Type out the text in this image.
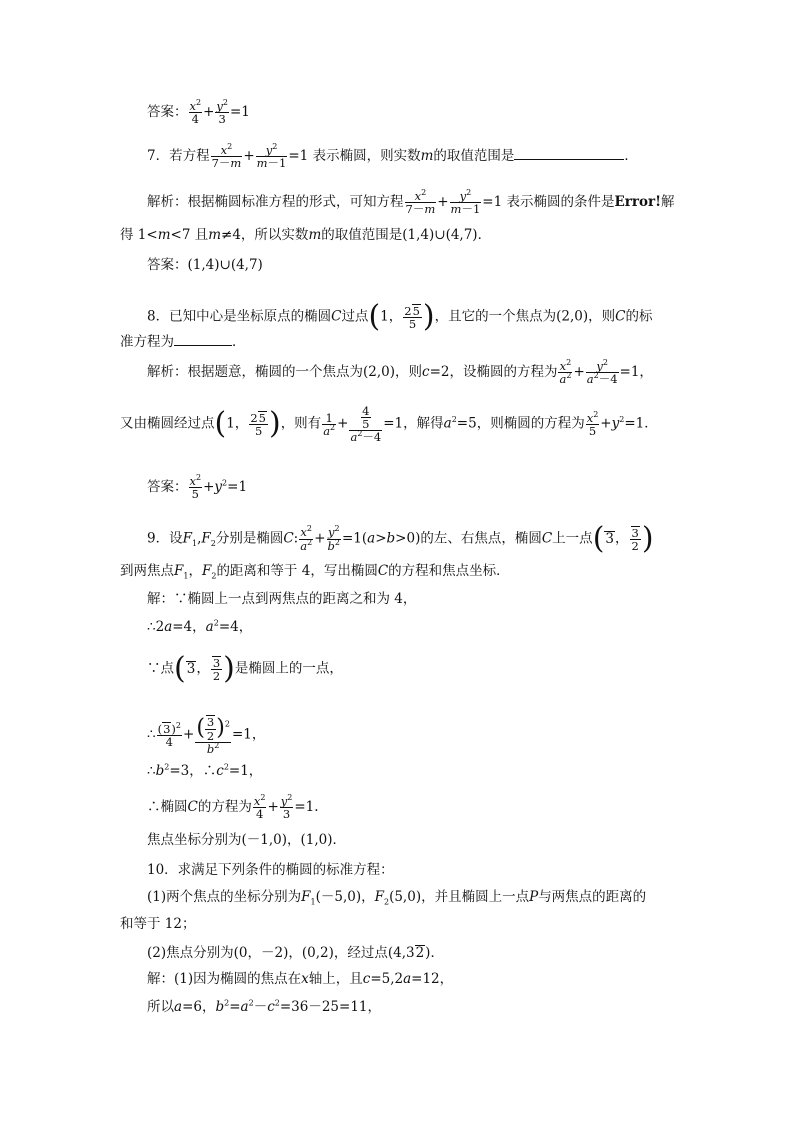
答案： $\frac{x^2}{4} + \frac{y^2}{3} =1$
7．若方程 $\frac{x^2}{7-m} + \frac{y^2}{m-1} =1$ 表示椭圆，则实数m的取值范围是	．
解析：根据椭圆标准方程的形式，可知方程 $\frac{x^2}{7-m} + \frac{y^2}{m-1} =1$ 表示椭圆的条件是Error!解
得 1<m<7 且m≠4，所以实数m的取值范围是(1,4)∪(4,7)．
答案：(1,4)∪(4,7)
8．已知中心是坐标原点的椭圆C过点(1， $\frac{25}{5}$ )，且它的一个焦点为(2,0)，则C的标
准方程为	．
解析：根据题意，椭圆的一个焦点为(2,0)，则c=2，设椭圆的方程为 $\frac{x^2}{a^2} + \frac{y^2}{a^2-4} =1$，
又由椭圆经过点(1， $\frac{25}{5}$ )，则有 $\frac{1}{a^2} + \frac{\frac{4}{5}}{a^2-4} =1$，解得$a^2=5$，则椭圆的方程为 $\frac{x^2}{5} +y^2=1$．
答案： $\frac{x^2}{5} +y^2=1$
9．设$F_1,F_2$分别是椭圆C: $\frac{x^2}{a^2} + \frac{y^2}{b^2} =1(a>b>0)$的左、右焦点，椭圆C上一点(3， $\frac{3}{2}$ )
到两焦点$F_1$，$F_2$的距离和等于 4，写出椭圆C的方程和焦点坐标．
解：∵椭圆上一点到两焦点的距离之和为 4，
∴2a=4，$a^2=4$，
∵点(3， $\frac{3}{2}$ )是椭圆上的一点，
∴ $\frac{(3)^2}{4} + \frac{( \frac{3}{2} )^2}{b^2} =1$，
$\therefore b^2=3$，$\therefore c^2=1$，
∴椭圆C的方程为 $\frac{x^2}{4} + \frac{y^2}{3} =1$.
焦点坐标分别为(－1,0)，(1,0)．
10．求满足下列条件的椭圆的标准方程：
(1)两个焦点的坐标分别为$F_1(-5,0)$，$F_2(5,0)$，并且椭圆上一点P与两焦点的距离的
和等于 12；
(2)焦点分别为(0，－2)，(0,2)，经过点(4,32)．
解：(1)因为椭圆的焦点在x轴上，且c=5,2a=12，
所以a=6，$b^2=a^2-c^2=36-25=11$，
